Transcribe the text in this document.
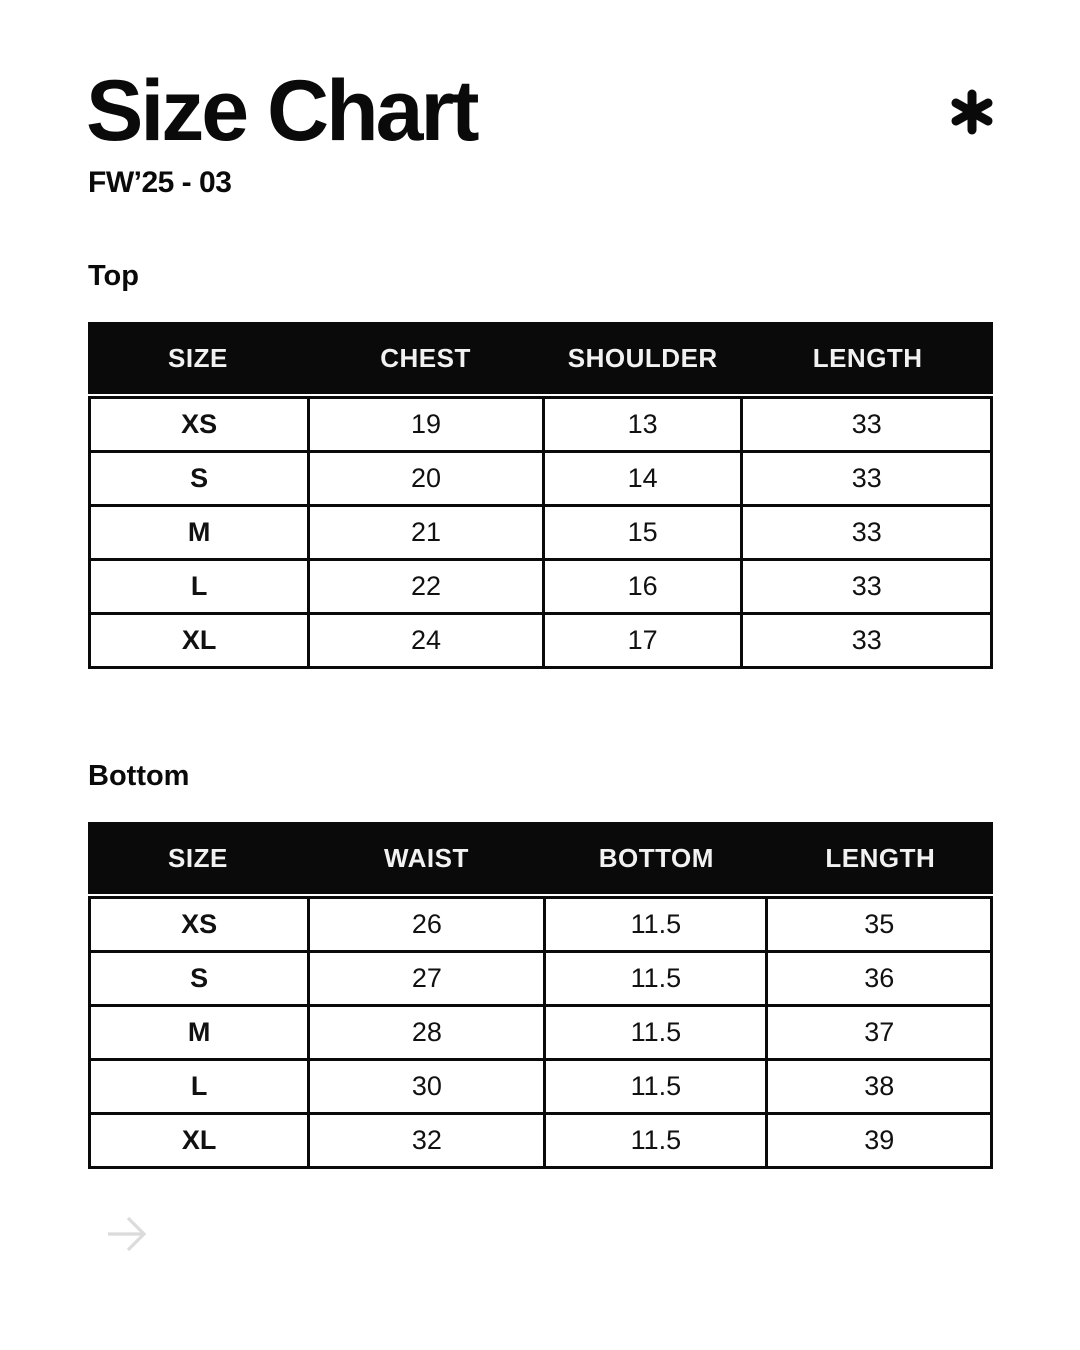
Size Chart
FW’25 - 03
Top
SIZE	CHEST	SHOULDER	LENGTH
XS	19	13	33
S	20	14	33
M	21	15	33
L	22	16	33
XL	24	17	33
Bottom
SIZE	WAIST	BOTTOM	LENGTH
XS	26	11.5	35
S	27	11.5	36
M	28	11.5	37
L	30	11.5	38
XL	32	11.5	39
